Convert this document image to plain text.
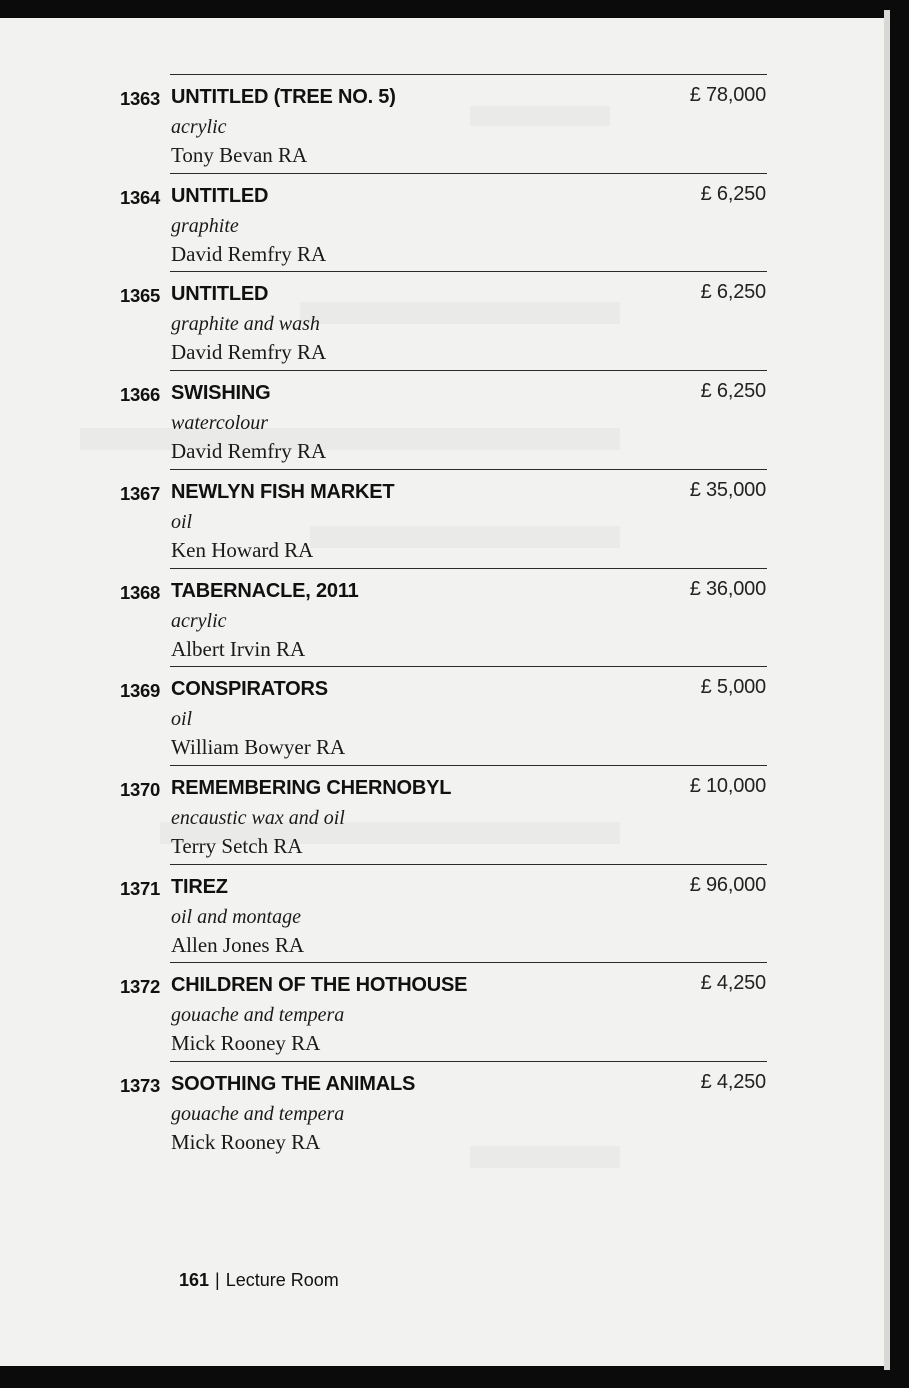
1363 UNTITLED (TREE NO. 5)
acrylic
Tony Bevan RA
£ 78,000
1364 UNTITLED
graphite
David Remfry RA
£ 6,250
1365 UNTITLED
graphite and wash
David Remfry RA
£ 6,250
1366 SWISHING
watercolour
David Remfry RA
£ 6,250
1367 NEWLYN FISH MARKET
oil
Ken Howard RA
£ 35,000
1368 TABERNACLE, 2011
acrylic
Albert Irvin RA
£ 36,000
1369 CONSPIRATORS
oil
William Bowyer RA
£ 5,000
1370 REMEMBERING CHERNOBYL
encaustic wax and oil
Terry Setch RA
£ 10,000
1371 TIREZ
oil and montage
Allen Jones RA
£ 96,000
1372 CHILDREN OF THE HOTHOUSE
gouache and tempera
Mick Rooney RA
£ 4,250
1373 SOOTHING THE ANIMALS
gouache and tempera
Mick Rooney RA
£ 4,250
161 | Lecture Room
